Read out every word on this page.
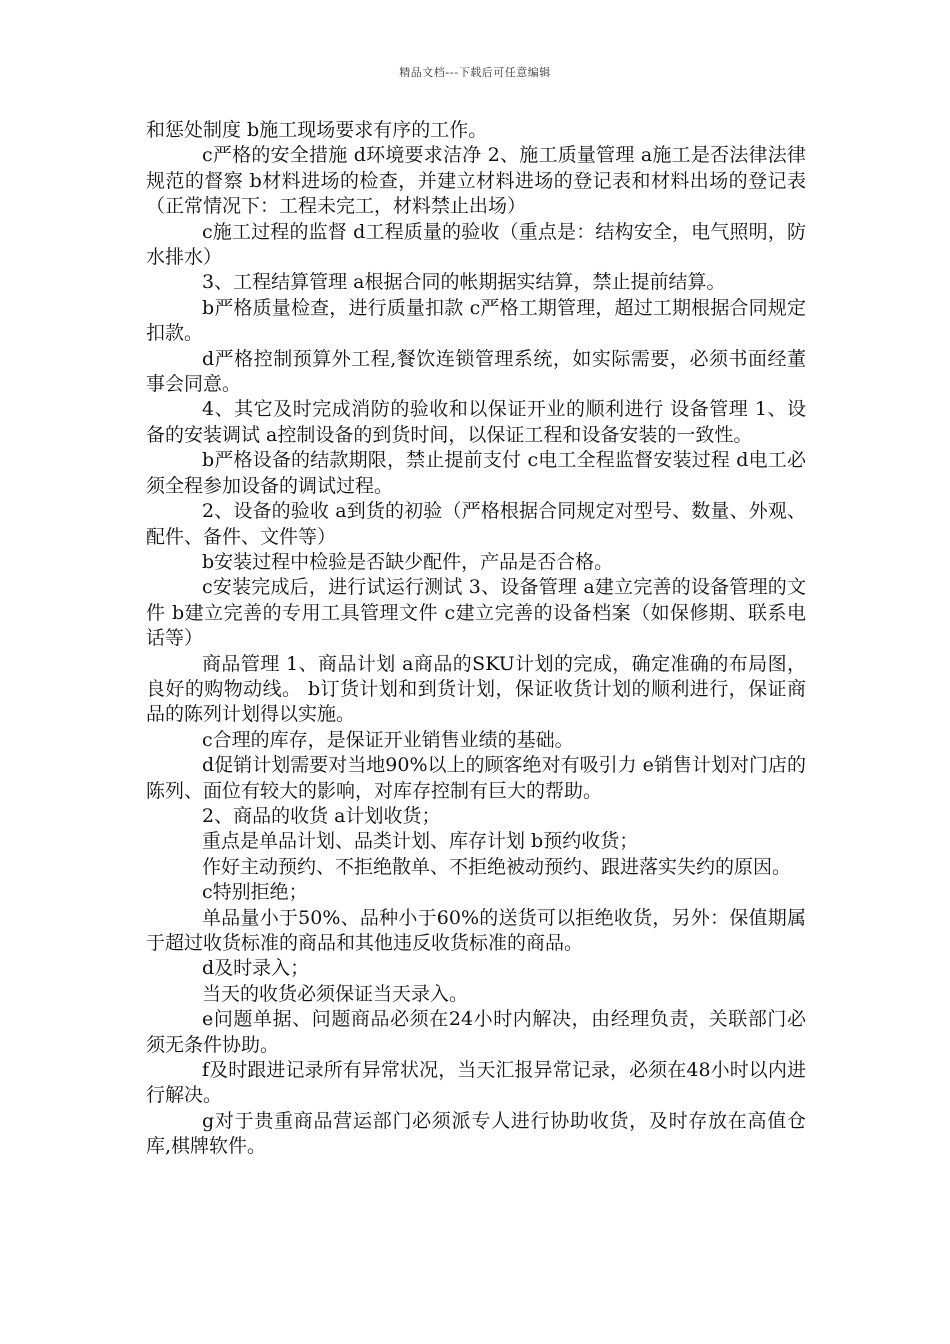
精品文档---下载后可任意编辑

和惩处制度 b施工现场要求有序的工作。

c严格的安全措施 d环境要求洁净 2、施工质量管理 a施工是否法律法律规范的督察 b材料进场的检查，并建立材料进场的登记表和材料出场的登记表（正常情况下：工程未完工，材料禁止出场）

c施工过程的监督 d工程质量的验收（重点是：结构安全，电气照明，防水排水）

3、工程结算管理 a根据合同的帐期据实结算，禁止提前结算。

b严格质量检查，进行质量扣款 c严格工期管理，超过工期根据合同规定扣款。

d严格控制预算外工程,餐饮连锁管理系统，如实际需要，必须书面经董事会同意。

4、其它及时完成消防的验收和以保证开业的顺利进行 设备管理 1、设备的安装调试 a控制设备的到货时间，以保证工程和设备安装的一致性。

b严格设备的结款期限，禁止提前支付 c电工全程监督安装过程 d电工必须全程参加设备的调试过程。

2、设备的验收 a到货的初验（严格根据合同规定对型号、数量、外观、配件、备件、文件等）

b安装过程中检验是否缺少配件，产品是否合格。

c安装完成后，进行试运行测试 3、设备管理 a建立完善的设备管理的文件 b建立完善的专用工具管理文件 c建立完善的设备档案（如保修期、联系电话等）

商品管理 1、商品计划 a商品的SKU计划的完成，确定准确的布局图，良好的购物动线。 b订货计划和到货计划，保证收货计划的顺利进行，保证商品的陈列计划得以实施。

c合理的库存，是保证开业销售业绩的基础。

d促销计划需要对当地90%以上的顾客绝对有吸引力 e销售计划对门店的陈列、面位有较大的影响，对库存控制有巨大的帮助。

2、商品的收货 a计划收货；

重点是单品计划、品类计划、库存计划 b预约收货；

作好主动预约、不拒绝散单、不拒绝被动预约、跟进落实失约的原因。

c特别拒绝；

单品量小于50%、品种小于60%的送货可以拒绝收货，另外：保值期属于超过收货标准的商品和其他违反收货标准的商品。

d及时录入；

当天的收货必须保证当天录入。

e问题单据、问题商品必须在24小时内解决，由经理负责，关联部门必须无条件协助。

f及时跟进记录所有异常状况，当天汇报异常记录，必须在48小时以内进行解决。

g对于贵重商品营运部门必须派专人进行协助收货，及时存放在高值仓库,棋牌软件。
